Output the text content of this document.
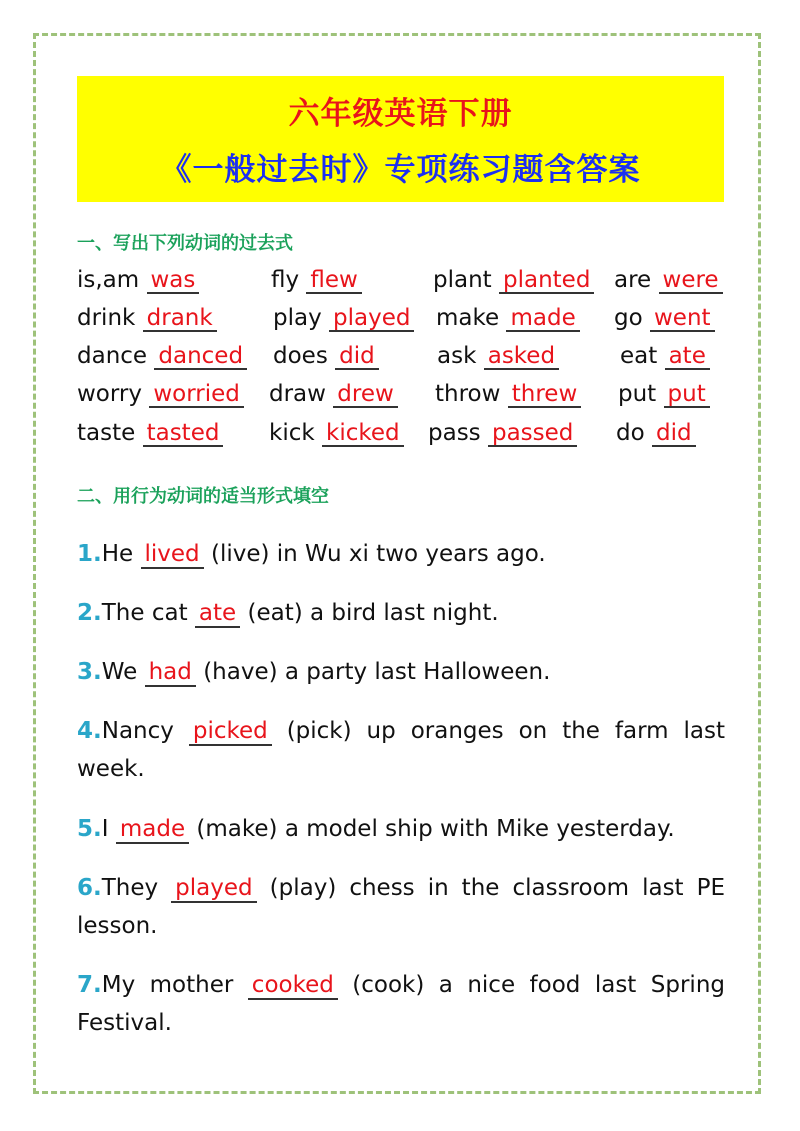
六年级英语下册
《一般过去时》专项练习题含答案
一、写出下列动词的过去式
is,am was	fly flew	plant planted are were
drink drank	play played make made go went
dance danced does did	ask asked	eat ate
worry worried draw drew throw threw put put
taste tasted kick kicked pass passed do did
二、用行为动词的适当形式填空
1.He lived (live) in Wu xi two years ago.
2.The cat ate (eat) a bird last night.
3.We had (have) a party last Halloween.
4.Nancy picked (pick) up oranges on the farm last week.
5.I made (make) a model ship with Mike yesterday.
6.They played (play) chess in the classroom last PE lesson.
7.My mother cooked (cook) a nice food last Spring Festival.
